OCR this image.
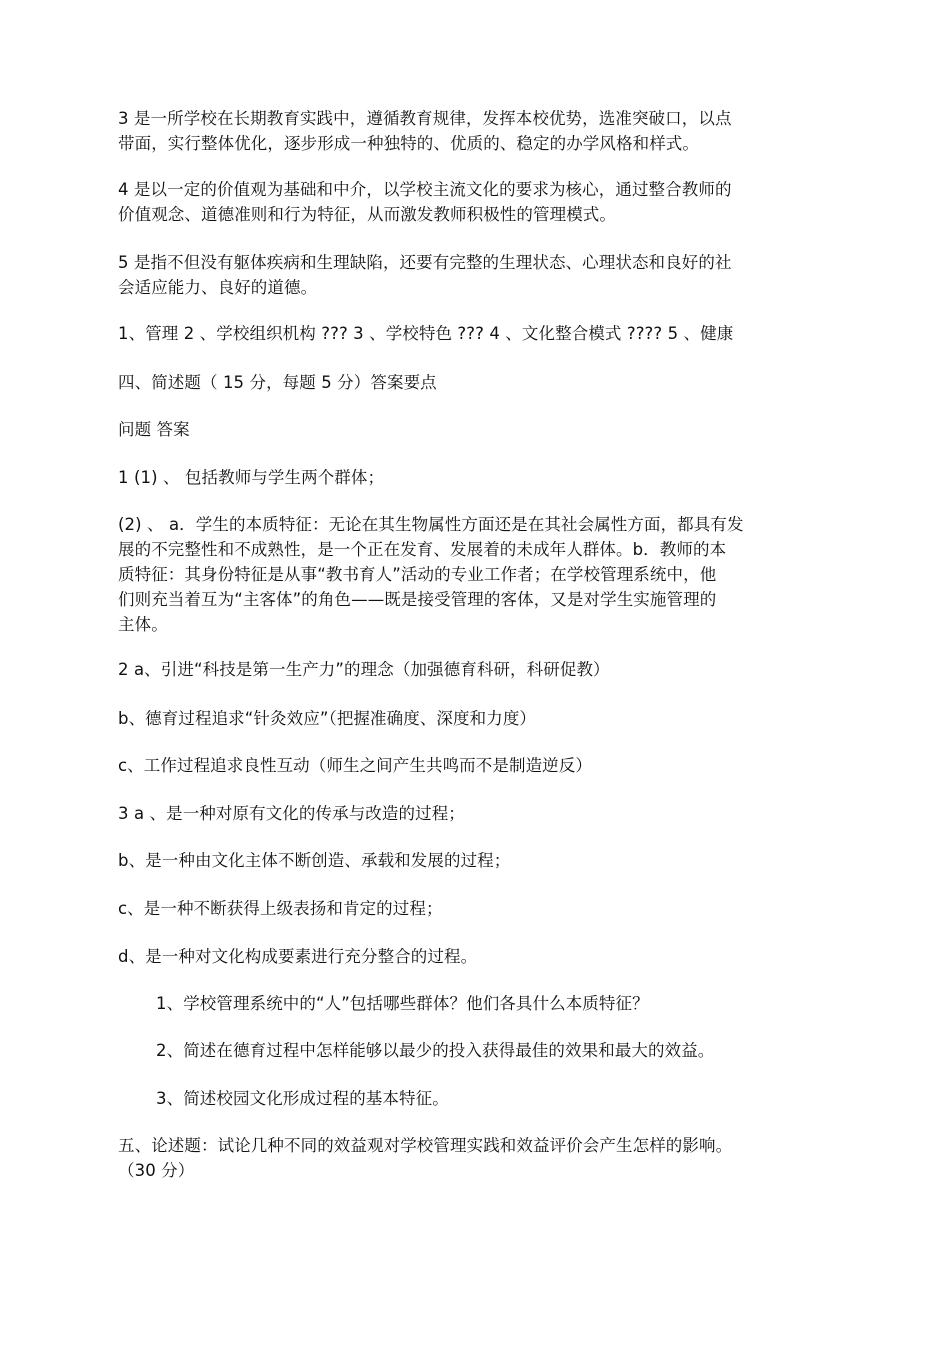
3 是一所学校在长期教育实践中，遵循教育规律，发挥本校优势，选准突破口，以点
带面，实行整体优化，逐步形成一种独特的、优质的、稳定的办学风格和样式。

4 是以一定的价值观为基础和中介，以学校主流文化的要求为核心，通过整合教师的
价值观念、道德准则和行为特征，从而激发教师积极性的管理模式。

5 是指不但没有躯体疾病和生理缺陷，还要有完整的生理状态、心理状态和良好的社
会适应能力、良好的道德。

1、管理 2 、学校组织机构 ??? 3 、学校特色 ??? 4 、文化整合模式 ???? 5 、健康

四、简述题（ 15 分，每题 5 分）答案要点

问题 答案

1 (1) 、 包括教师与学生两个群体；

(2) 、 a．学生的本质特征：无论在其生物属性方面还是在其社会属性方面，都具有发
展的不完整性和不成熟性，是一个正在发育、发展着的未成年人群体。b．教师的本
质特征：其身份特征是从事“教书育人”活动的专业工作者；在学校管理系统中，他
们则充当着互为“主客体”的角色——既是接受管理的客体，又是对学生实施管理的
主体。

2 a、引进“科技是第一生产力”的理念（加强德育科研，科研促教）

b、德育过程追求“针灸效应”（把握准确度、深度和力度）

c、工作过程追求良性互动（师生之间产生共鸣而不是制造逆反）

3 a 、是一种对原有文化的传承与改造的过程；

b、是一种由文化主体不断创造、承载和发展的过程；

c、是一种不断获得上级表扬和肯定的过程；

d、是一种对文化构成要素进行充分整合的过程。

1、学校管理系统中的“人”包括哪些群体？他们各具什么本质特征？

2、简述在德育过程中怎样能够以最少的投入获得最佳的效果和最大的效益。

3、简述校园文化形成过程的基本特征。

五、论述题：试论几种不同的效益观对学校管理实践和效益评价会产生怎样的影响。
（30 分）
